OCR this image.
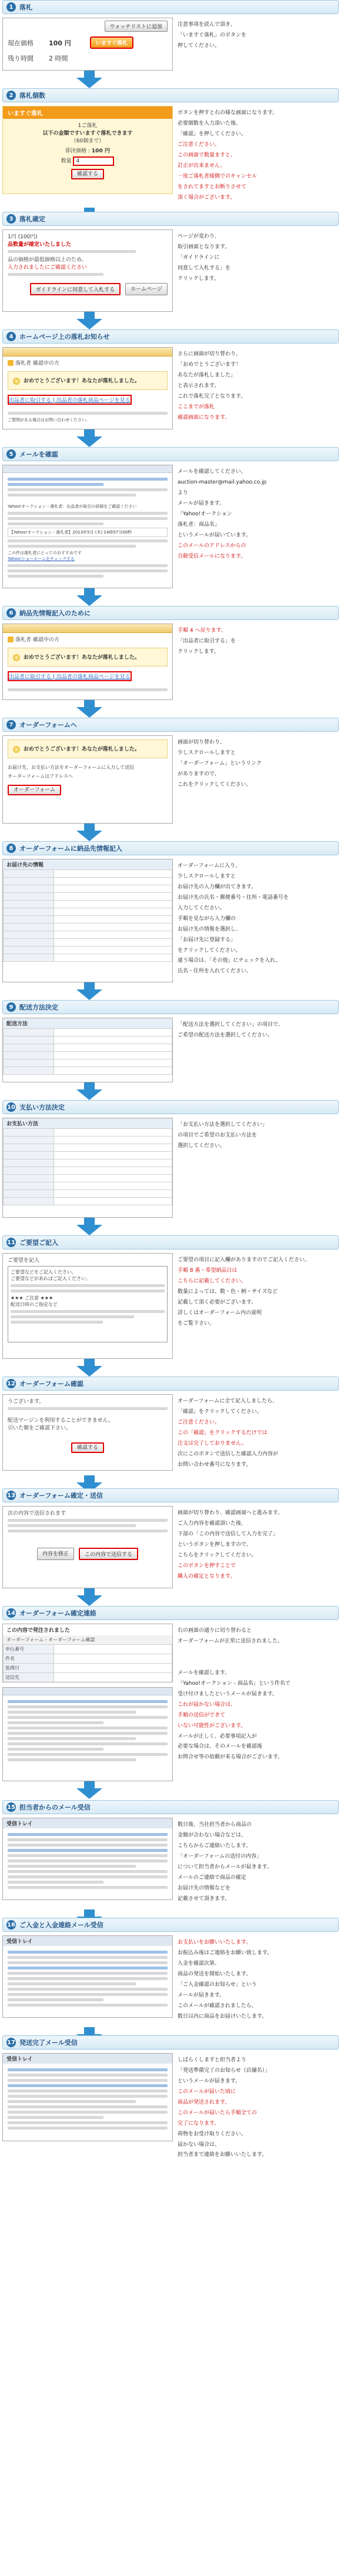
1 落札
ウォッチリストに追加
現在価格	100 円	いますぐ落札
残り時間	2 時間

注意事項を読んで頂き、

「いますぐ落札」のボタンを

押してください。

2 落札個数
いますぐ落札
1ご落札
以下の金額ですいますぐ落札できます
（60個まで）
即決価格 : 100 円
数量 4
確認する

ボタンを押すと右の様な画面になります。

必要個数を入力頂いた後、

「確認」を押してください。

ご注意ください。

この画面で数量ますと、

訂正が出来ません。

一度ご落札者様側でのキャンセル

をされてますとお断りさせて

頂く場合がございます。

3 落札確定
1円 (100円)
品数量が確定いたしました
品の価格が最低価格以上のため、
入力されましたにご確認ください
ガイドラインに同意して入札する	ホームページ

ページが変わり、

取引画面となります。

「ガイドラインに

同意して入札する」を

クリックします。

4 ホームページ上の落札お知らせ
落札者 確認中の方
おめでとうございます！あなたが落札しました。
出品者に取引する | 出品者の落札商品ページを見る
ご質問がある場合はお問い合わせください。

さらに画面が切り替わり、

「おめでとうございます！

あなたが落札しました」

と表示されます。

これで落札完了となります。

ここまでが落札

確認画面になります。

5 メールを確認
Yahoo!オークション - 落札者：出品者が取引の詳細をご確認ください
【Yahoo!オークション - 落札者】2013年5月 (木) 14時57分00秒
この件は落札者にとってのおすすめです
Yahoo!ショールームをチェックする

メールを確認してください。

auction-master@mail.yahoo.co.jp

より

メールが届きます。

「Yahoo!オークション

落札者：商品名」

というメールが届いています。

このメールのアドレスからの

自動受信メールになります。

6 納品先情報記入のために
落札者 確認中の方
おめでとうございます！あなたが落札しました。
出品者に取引する | 出品者の落札商品ページを見る

手順 4 へ戻ります。

「出品者に取引する」を

クリックします。

7 オーダーフォームへ
おめでとうございます！あなたが落札しました。
お届け先、お支払い方法をオーダーフォームに入力して送信
オーダーフォームはアドレスへ
オーダーフォーム

画面が切り替わり、

少しスクロールしますと

「オーダーフォーム」というリンク

がありますので、

これをクリックしてください。

8 オーダーフォームに納品先情報記入
お届け先の情報

		オーダーフォームに入り、

少しスクロールしますと

お届け先の入力欄が出てきます。

お届け先の氏名・郵便番号・住所・電話番号を

入力してください。

手順を見ながら入力欄の

お届け先の情報を選択し、

「お届け先に登録する」

をクリックしてください。

違う場合は、「その他」にチェックを入れ、

氏名・住所を入れてください。

9 配送方法決定
配送方法

		「配送方法を選択してください」の項目で、

ご希望の配送方法を選択してください。

10 支払い方法決定
お支払い方法

		「お支払い方法を選択してください」

の項目でご希望のお支払い方法を

選択してください。

11 ご要望ご記入
ご要望を記入
ご要望などをご記入ください。
ご要望などがあればご記入ください。
★★★ ご注意 ★★★
配送日時のご指定など

ご要望の項目に記入欄がありますのでご記入ください。

手順 8 番・希望納品日は

こちらに記載してください。

数量によっては、数・色・柄・サイズなど

記載して頂く必要がございます。

詳しくはオーダーフォーム内の説明

をご覧下さい。

12 オーダーフォーム確認
うございます。
配送マージンを利用することができません。
引いた額をご確認下さい。
確認する

オーダーフォームに全て記入しましたら、

「確認」をクリックしてください。

ご注意ください。

この「確認」をクリックするだけでは

注文は完了しておりません。

次にこのボタンで送信した確認入力内容が

お問い合わせ番号になります。

13 オーダーフォーム確定・送信
次の内容で送信されます
内容を修正	この内容で送信する

画面が切り替わり、確認画面へと進みます。

ご入力内容を確認頂いた後、

下部の「この内容で送信して入力を完了」

というボタンを押しますので、

こちらをクリックしてください。

このボタンを押すことで

購入の確定となります。

14 オーダーフォーム確定連絡
この内容で発注されました
オーダーフォーム - オーダーフォーム確認
申込番号	
件名	
処理日	
送信先	

右の画面の通りに切り替わると

オーダーフォームが正常に送信されました。

メールを確認します。

「Yahoo!オークション - 商品名」という件名で

受け付けましたというメールが届きます。

これが届かない場合は、

手順の送信ができて

いない可能性がございます。

メールが正しく、必要事項記入が

必要な場合は、そのメールを確認後

お問合せ等の依頼が来る場合がございます。

15 担当者からのメール受信
受信トレイ	数日後、当社担当者から商品の

金額が合わない場合などは、

こちらからご連絡いたします。

「オーダーフォームの送付の内容」

について担当者からメールが届きます。

メールのご連絡で商品の確定

お届け先の情報などを

記載させて頂きます。

16 ご入金と入金連絡メール受信
受信トレイ	お支払いをお願いいたします。

お振込み後はご連絡をお願い致します。

入金を確認次第、

商品の発送を開始いたします。

「ご入金確認のお知らせ」という

メールが届きます。

このメールが確認されましたら、

数日以内に商品をお届けいたします。

17 発送完了メール受信
受信トレイ	しばらくしますと担当者より

「発送準備完了のお知らせ（店舗名）」

というメールが届きます。

このメールが届いた頃に

商品が発送されます。

このメールが届いたら手順全ての

完了になります。

荷物をお受け取りください。

届かない場合は、

担当者まで連絡をお願いいたします。
